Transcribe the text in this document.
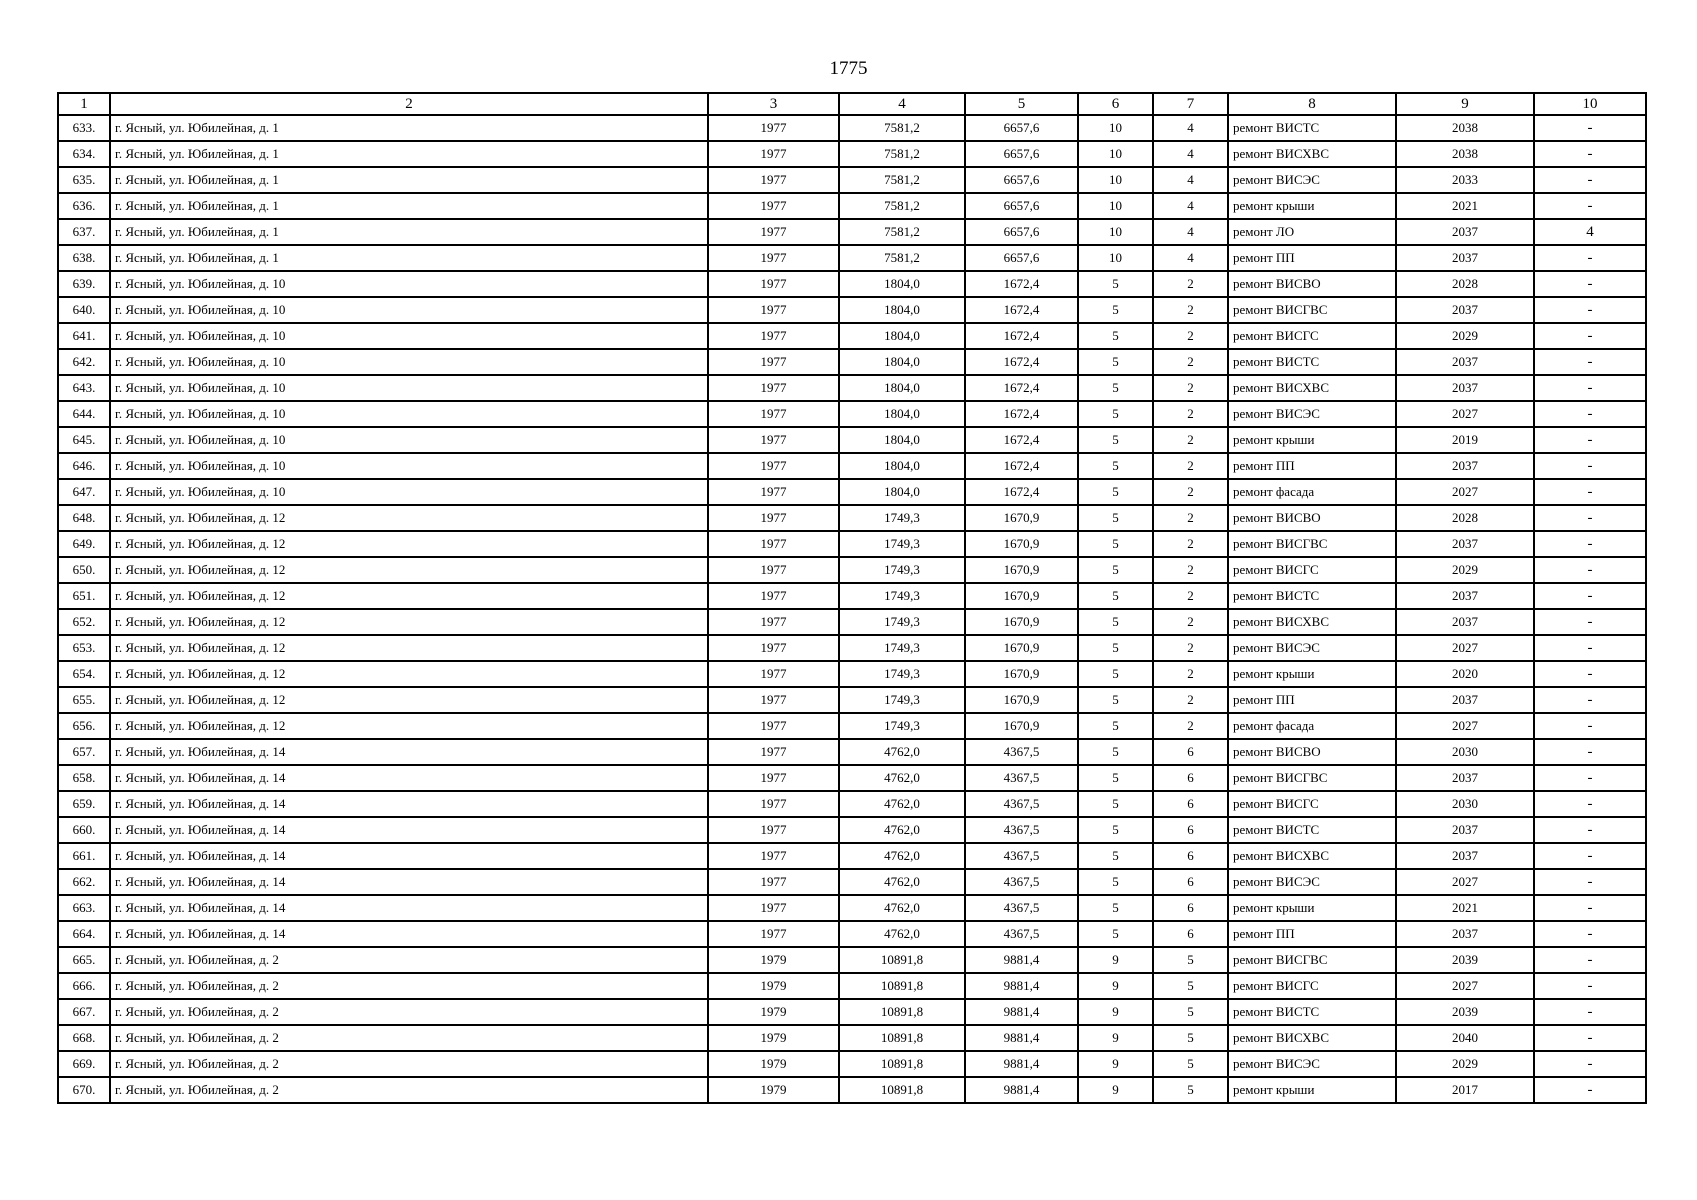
1775
1	2	3	4	5	6	7	8	9	10
633.	г. Ясный, ул. Юбилейная, д. 1	1977	7581,2	6657,6	10	4	ремонт ВИСТС	2038	-
634.	г. Ясный, ул. Юбилейная, д. 1	1977	7581,2	6657,6	10	4	ремонт ВИСХВС	2038	-
635.	г. Ясный, ул. Юбилейная, д. 1	1977	7581,2	6657,6	10	4	ремонт ВИСЭС	2033	-
636.	г. Ясный, ул. Юбилейная, д. 1	1977	7581,2	6657,6	10	4	ремонт крыши	2021	-
637.	г. Ясный, ул. Юбилейная, д. 1	1977	7581,2	6657,6	10	4	ремонт ЛО	2037	4
638.	г. Ясный, ул. Юбилейная, д. 1	1977	7581,2	6657,6	10	4	ремонт ПП	2037	-
639.	г. Ясный, ул. Юбилейная, д. 10	1977	1804,0	1672,4	5	2	ремонт ВИСВО	2028	-
640.	г. Ясный, ул. Юбилейная, д. 10	1977	1804,0	1672,4	5	2	ремонт ВИСГВС	2037	-
641.	г. Ясный, ул. Юбилейная, д. 10	1977	1804,0	1672,4	5	2	ремонт ВИСГС	2029	-
642.	г. Ясный, ул. Юбилейная, д. 10	1977	1804,0	1672,4	5	2	ремонт ВИСТС	2037	-
643.	г. Ясный, ул. Юбилейная, д. 10	1977	1804,0	1672,4	5	2	ремонт ВИСХВС	2037	-
644.	г. Ясный, ул. Юбилейная, д. 10	1977	1804,0	1672,4	5	2	ремонт ВИСЭС	2027	-
645.	г. Ясный, ул. Юбилейная, д. 10	1977	1804,0	1672,4	5	2	ремонт крыши	2019	-
646.	г. Ясный, ул. Юбилейная, д. 10	1977	1804,0	1672,4	5	2	ремонт ПП	2037	-
647.	г. Ясный, ул. Юбилейная, д. 10	1977	1804,0	1672,4	5	2	ремонт фасада	2027	-
648.	г. Ясный, ул. Юбилейная, д. 12	1977	1749,3	1670,9	5	2	ремонт ВИСВО	2028	-
649.	г. Ясный, ул. Юбилейная, д. 12	1977	1749,3	1670,9	5	2	ремонт ВИСГВС	2037	-
650.	г. Ясный, ул. Юбилейная, д. 12	1977	1749,3	1670,9	5	2	ремонт ВИСГС	2029	-
651.	г. Ясный, ул. Юбилейная, д. 12	1977	1749,3	1670,9	5	2	ремонт ВИСТС	2037	-
652.	г. Ясный, ул. Юбилейная, д. 12	1977	1749,3	1670,9	5	2	ремонт ВИСХВС	2037	-
653.	г. Ясный, ул. Юбилейная, д. 12	1977	1749,3	1670,9	5	2	ремонт ВИСЭС	2027	-
654.	г. Ясный, ул. Юбилейная, д. 12	1977	1749,3	1670,9	5	2	ремонт крыши	2020	-
655.	г. Ясный, ул. Юбилейная, д. 12	1977	1749,3	1670,9	5	2	ремонт ПП	2037	-
656.	г. Ясный, ул. Юбилейная, д. 12	1977	1749,3	1670,9	5	2	ремонт фасада	2027	-
657.	г. Ясный, ул. Юбилейная, д. 14	1977	4762,0	4367,5	5	6	ремонт ВИСВО	2030	-
658.	г. Ясный, ул. Юбилейная, д. 14	1977	4762,0	4367,5	5	6	ремонт ВИСГВС	2037	-
659.	г. Ясный, ул. Юбилейная, д. 14	1977	4762,0	4367,5	5	6	ремонт ВИСГС	2030	-
660.	г. Ясный, ул. Юбилейная, д. 14	1977	4762,0	4367,5	5	6	ремонт ВИСТС	2037	-
661.	г. Ясный, ул. Юбилейная, д. 14	1977	4762,0	4367,5	5	6	ремонт ВИСХВС	2037	-
662.	г. Ясный, ул. Юбилейная, д. 14	1977	4762,0	4367,5	5	6	ремонт ВИСЭС	2027	-
663.	г. Ясный, ул. Юбилейная, д. 14	1977	4762,0	4367,5	5	6	ремонт крыши	2021	-
664.	г. Ясный, ул. Юбилейная, д. 14	1977	4762,0	4367,5	5	6	ремонт ПП	2037	-
665.	г. Ясный, ул. Юбилейная, д. 2	1979	10891,8	9881,4	9	5	ремонт ВИСГВС	2039	-
666.	г. Ясный, ул. Юбилейная, д. 2	1979	10891,8	9881,4	9	5	ремонт ВИСГС	2027	-
667.	г. Ясный, ул. Юбилейная, д. 2	1979	10891,8	9881,4	9	5	ремонт ВИСТС	2039	-
668.	г. Ясный, ул. Юбилейная, д. 2	1979	10891,8	9881,4	9	5	ремонт ВИСХВС	2040	-
669.	г. Ясный, ул. Юбилейная, д. 2	1979	10891,8	9881,4	9	5	ремонт ВИСЭС	2029	-
670.	г. Ясный, ул. Юбилейная, д. 2	1979	10891,8	9881,4	9	5	ремонт крыши	2017	-
